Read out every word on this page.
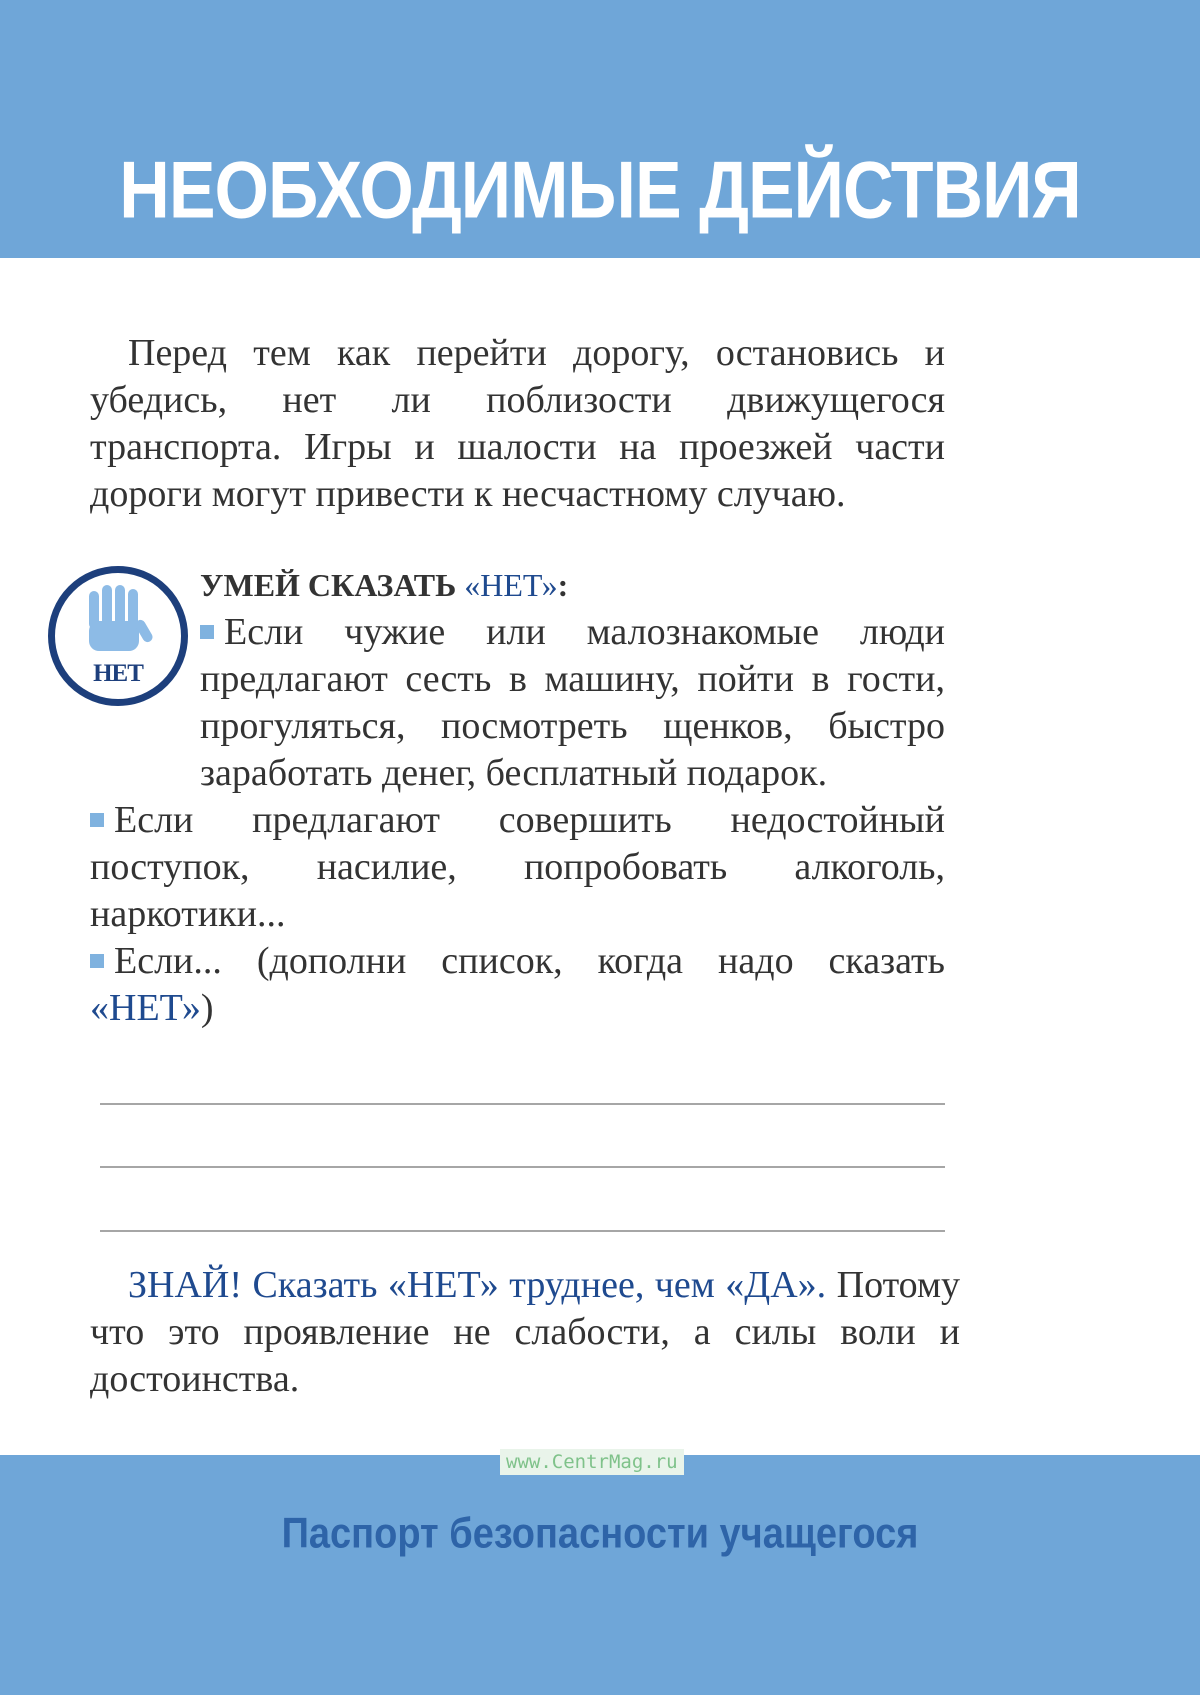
НЕОБХОДИМЫЕ ДЕЙСТВИЯ

Перед тем как перейти дорогу, остановись и убедись, нет ли поблизости движущегося транспорта. Игры и шалости на проезжей части дороги могут привести к несчастному случаю.

НЕТ
УМЕЙ СКАЗАТЬ «НЕТ»:
Если чужие или малознакомые люди предлагают сесть в машину, пойти в гости, прогуляться, посмотреть щенков, быстро заработать денег, бесплатный подарок.
Если предлагают совершить недостойный поступок, насилие, попробовать алкоголь, наркотики...
Если... (дополни список, когда надо сказать «НЕТ»)

ЗНАЙ! Сказать «НЕТ» труднее, чем «ДА». Потому что это проявление не слабости, а силы воли и достоинства.

www.CentrMag.ru
Паспорт безопасности учащегося
